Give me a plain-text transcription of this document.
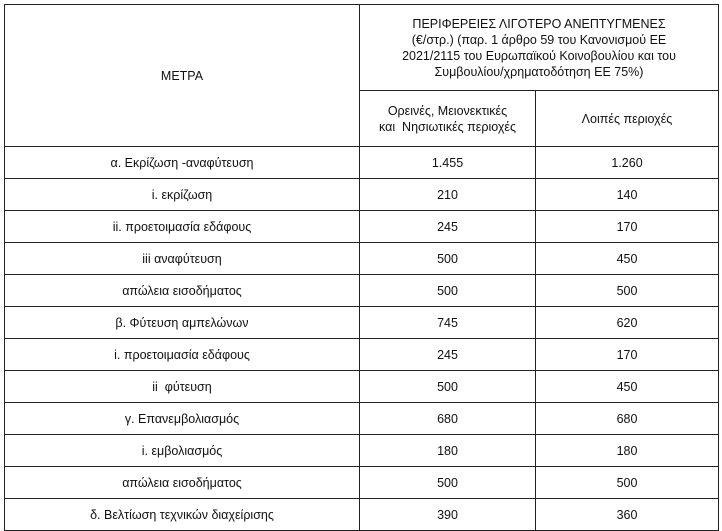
ΜΕΤΡΑ	ΠΕΡΙΦΕΡΕΙΕΣ ΛΙΓΟΤΕΡΟ ΑΝΕΠΤΥΓΜΕΝΕΣ
(€/στρ.) (παρ. 1 άρθρο 59 του Κανονισμού ΕΕ
2021/2115 του Ευρωπαϊκού Κοινοβουλίου και του
Συμβουλίου/χρηματοδότηση ΕΕ 75%)	

	Ορεινές, Μειονεκτικές
και  Νησιωτικές περιοχές	Λοιπές περιοχές
α. Εκρίζωση -αναφύτευση	1.455	1.260
i. εκρίζωση	210	140
ii. προετοιμασία εδάφους	245	170
iii αναφύτευση	500	450
απώλεια εισοδήματος	500	500
β. Φύτευση αμπελώνων	745	620
i. προετοιμασία εδάφους	245	170
ii  φύτευση	500	450
γ. Επανεμβολιασμός	680	680
i. εμβολιασμός	180	180
απώλεια εισοδήματος	500	500
δ. Βελτίωση τεχνικών διαχείρισης	390	360
